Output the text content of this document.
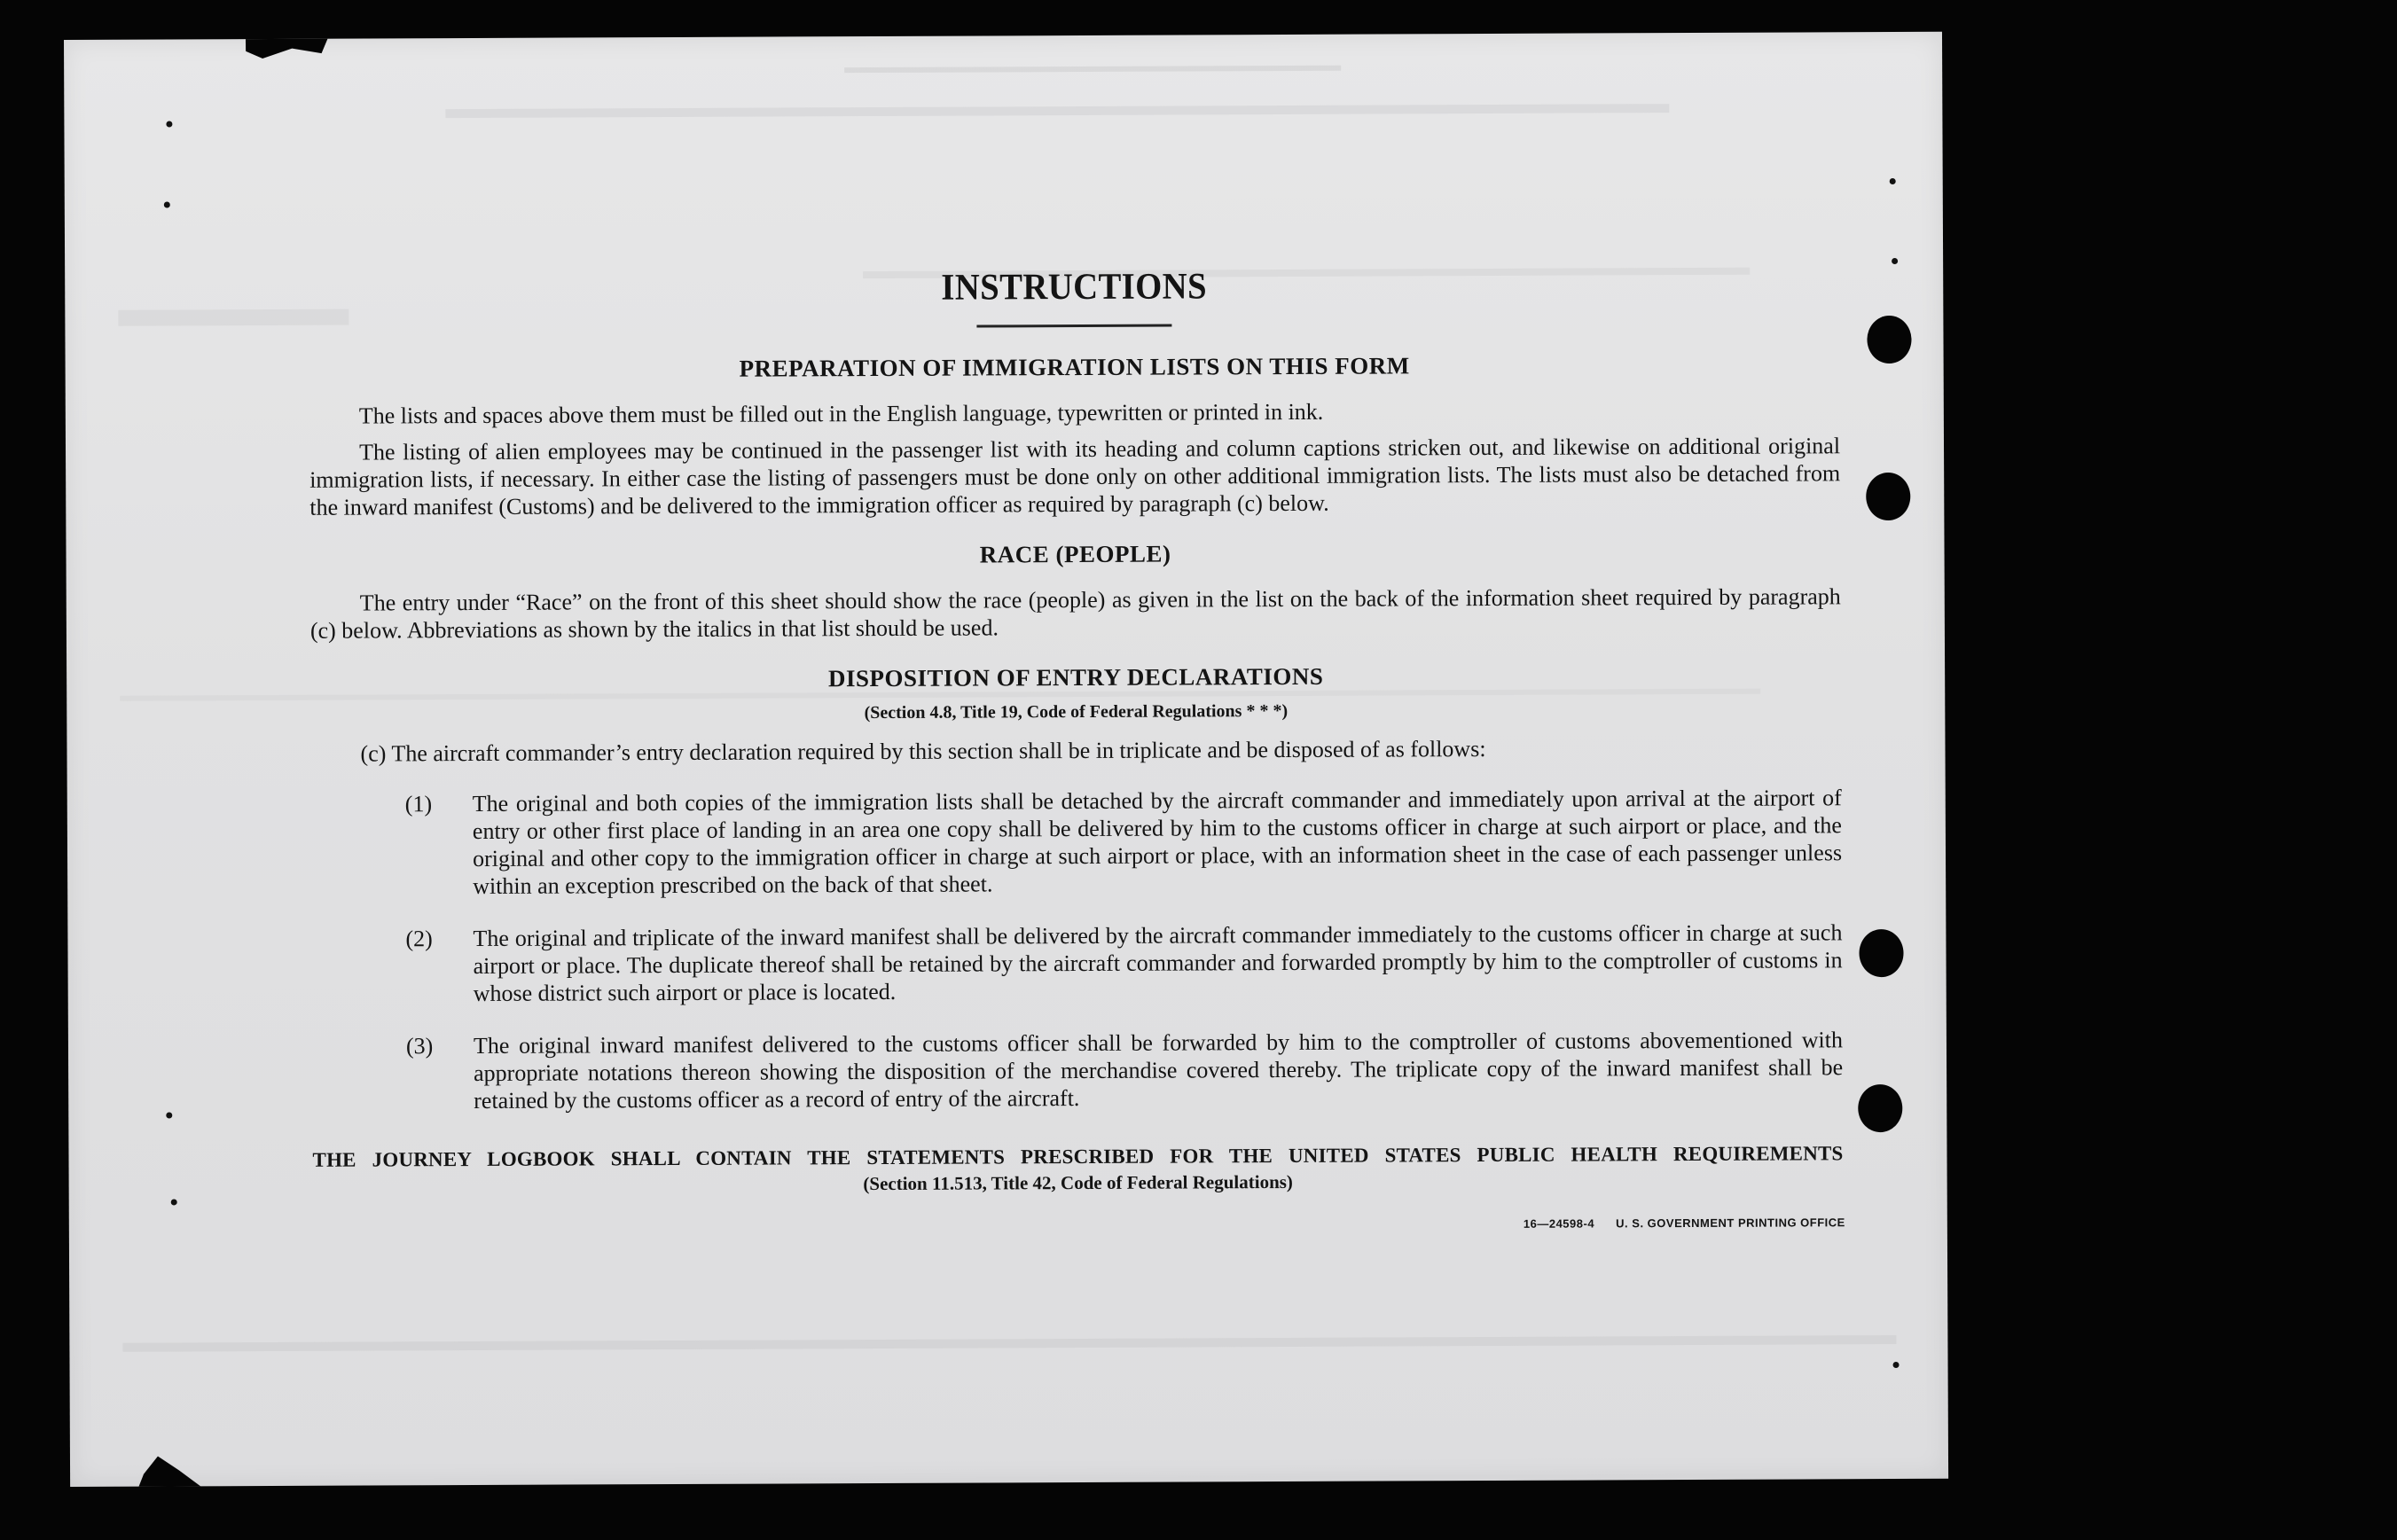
INSTRUCTIONS
PREPARATION OF IMMIGRATION LISTS ON THIS FORM

The lists and spaces above them must be filled out in the English language, typewritten or printed in ink.

The listing of alien employees may be continued in the passenger list with its heading and column captions stricken out, and likewise on additional original immigration lists, if necessary. In either case the listing of passengers must be done only on other additional immigration lists. The lists must also be detached from the inward manifest (Customs) and be delivered to the immigration officer as required by paragraph (c) below.

RACE (PEOPLE)

The entry under “Race” on the front of this sheet should show the race (people) as given in the list on the back of the information sheet required by paragraph (c) below. Abbreviations as shown by the italics in that list should be used.

DISPOSITION OF ENTRY DECLARATIONS
(Section 4.8, Title 19, Code of Federal Regulations * * *)

(c) The aircraft commander’s entry declaration required by this section shall be in triplicate and be disposed of as follows:

(1) The original and both copies of the immigration lists shall be detached by the aircraft commander and immediately upon arrival at the airport of entry or other first place of landing in an area one copy shall be delivered by him to the customs officer in charge at such airport or place, and the original and other copy to the immigration officer in charge at such airport or place, with an information sheet in the case of each passenger unless within an exception prescribed on the back of that sheet.

(2) The original and triplicate of the inward manifest shall be delivered by the aircraft commander immediately to the customs officer in charge at such airport or place. The duplicate thereof shall be retained by the aircraft commander and forwarded promptly by him to the comptroller of customs in whose district such airport or place is located.

(3) The original inward manifest delivered to the customs officer shall be forwarded by him to the comptroller of customs abovementioned with appropriate notations thereon showing the disposition of the merchandise covered thereby. The triplicate copy of the inward manifest shall be retained by the customs officer as a record of entry of the aircraft.

THE JOURNEY LOGBOOK SHALL CONTAIN THE STATEMENTS PRESCRIBED FOR THE UNITED STATES PUBLIC HEALTH REQUIREMENTS
(Section 11.513, Title 42, Code of Federal Regulations)
16—24598-4 U. S. GOVERNMENT PRINTING OFFICE
